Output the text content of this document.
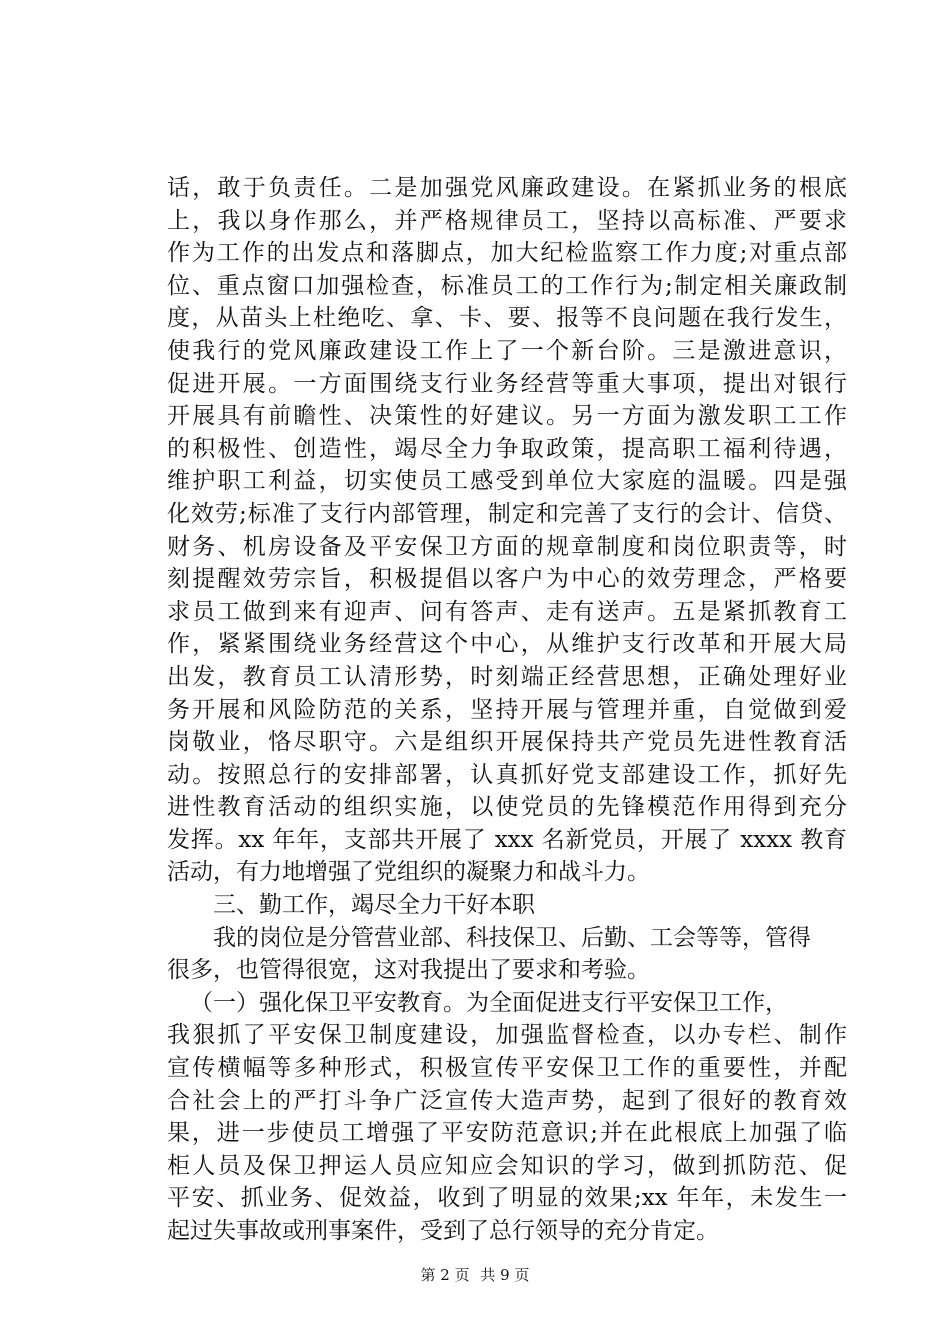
话，敢于负责任。二是加强党风廉政建设。在紧抓业务的根底
上，我以身作那么，并严格规律员工，坚持以高标准、严要求
作为工作的出发点和落脚点，加大纪检监察工作力度;对重点部
位、重点窗口加强检查，标准员工的工作行为;制定相关廉政制
度，从苗头上杜绝吃、拿、卡、要、报等不良问题在我行发生，
使我行的党风廉政建设工作上了一个新台阶。三是激进意识，
促进开展。一方面围绕支行业务经营等重大事项，提出对银行
开展具有前瞻性、决策性的好建议。另一方面为激发职工工作
的积极性、创造性，竭尽全力争取政策，提高职工福利待遇，
维护职工利益，切实使员工感受到单位大家庭的温暖。四是强
化效劳;标准了支行内部管理，制定和完善了支行的会计、信贷、
财务、机房设备及平安保卫方面的规章制度和岗位职责等，时
刻提醒效劳宗旨，积极提倡以客户为中心的效劳理念，严格要
求员工做到来有迎声、问有答声、走有送声。五是紧抓教育工
作，紧紧围绕业务经营这个中心，从维护支行改革和开展大局
出发，教育员工认清形势，时刻端正经营思想，正确处理好业
务开展和风险防范的关系，坚持开展与管理并重，自觉做到爱
岗敬业，恪尽职守。六是组织开展保持共产党员先进性教育活
动。按照总行的安排部署，认真抓好党支部建设工作，抓好先
进性教育活动的组织实施，以使党员的先锋模范作用得到充分
发挥。xx 年年，支部共开展了 xxx 名新党员，开展了 xxxx 教育
活动，有力地增强了党组织的凝聚力和战斗力。
三、勤工作，竭尽全力干好本职
我的岗位是分管营业部、科技保卫、后勤、工会等等，管得
很多，也管得很宽，这对我提出了要求和考验。
（一）强化保卫平安教育。为全面促进支行平安保卫工作，
我狠抓了平安保卫制度建设，加强监督检查，以办专栏、制作
宣传横幅等多种形式，积极宣传平安保卫工作的重要性，并配
合社会上的严打斗争广泛宣传大造声势，起到了很好的教育效
果，进一步使员工增强了平安防范意识;并在此根底上加强了临
柜人员及保卫押运人员应知应会知识的学习，做到抓防范、促
平安、抓业务、促效益，收到了明显的效果;xx 年年，未发生一
起过失事故或刑事案件，受到了总行领导的充分肯定。
第 2 页 共 9 页
